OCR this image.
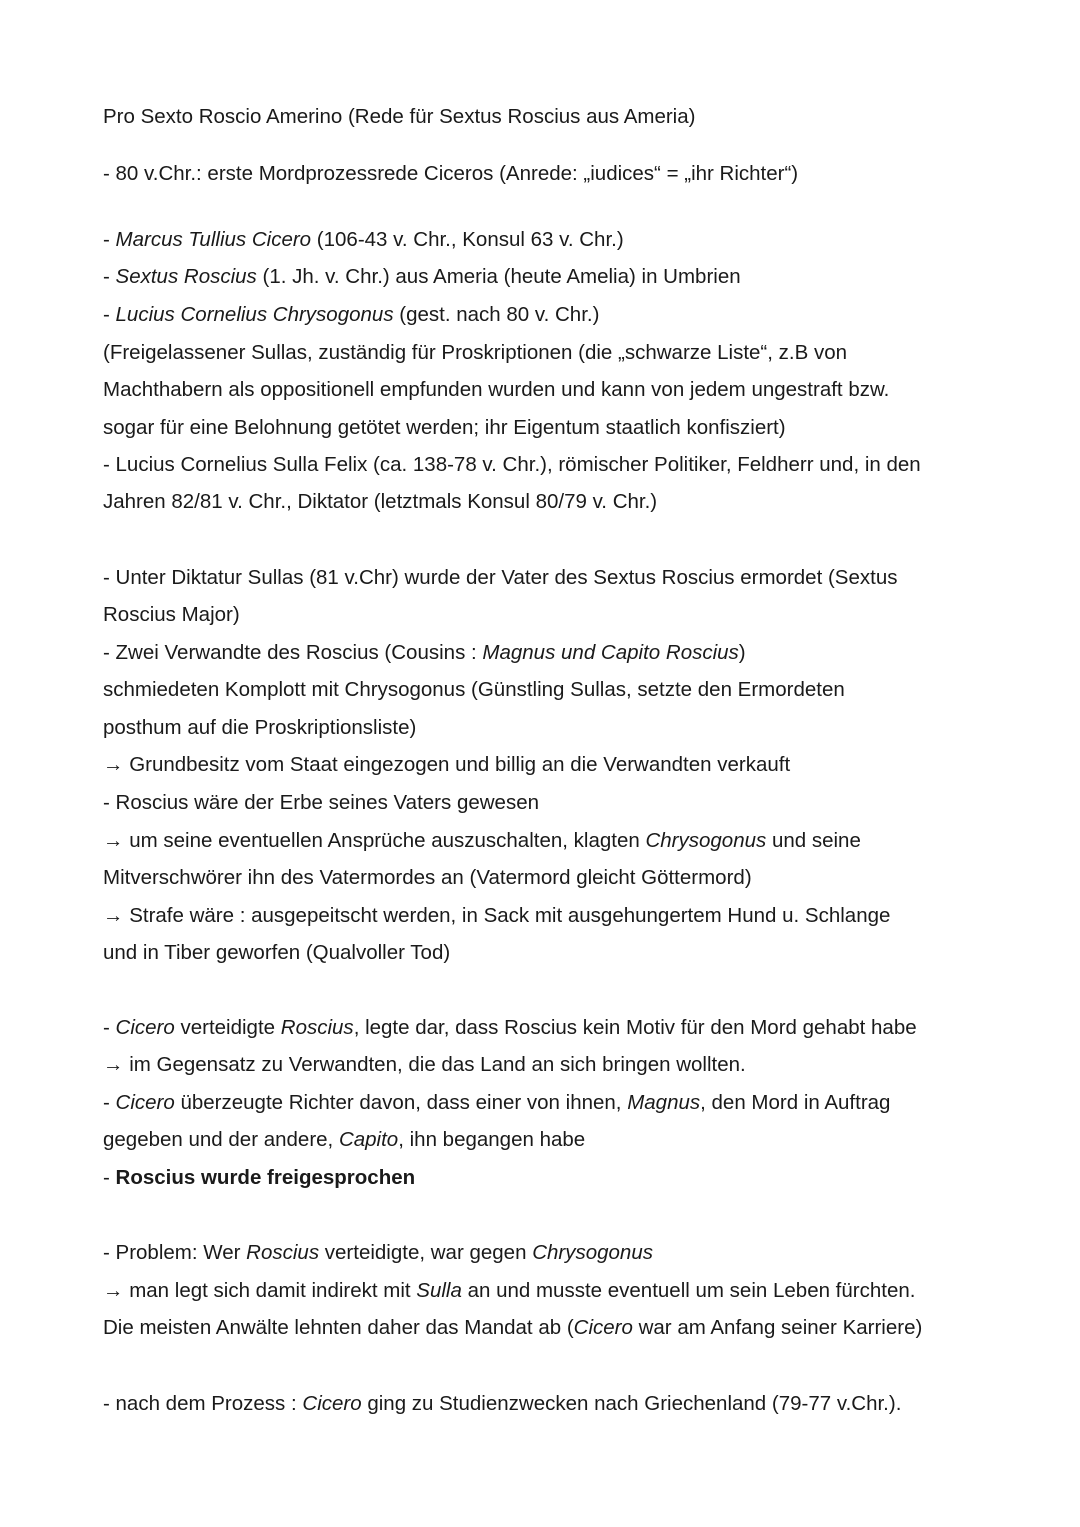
Pro Sexto Roscio Amerino (Rede für Sextus Roscius aus Ameria)

- 80 v.Chr.: erste Mordprozessrede Ciceros (Anrede: „iudices“ = „ihr Richter“)

- Marcus Tullius Cicero (106-43 v. Chr., Konsul 63 v. Chr.)

- Sextus Roscius (1. Jh. v. Chr.) aus Ameria (heute Amelia) in Umbrien

- Lucius Cornelius Chrysogonus (gest. nach 80 v. Chr.)

(Freigelassener Sullas, zuständig für Proskriptionen (die „schwarze Liste“, z.B von

Machthabern als oppositionell empfunden wurden und kann von jedem ungestraft bzw.

sogar für eine Belohnung getötet werden; ihr Eigentum staatlich konfisziert)

- Lucius Cornelius Sulla Felix (ca. 138-78 v. Chr.), römischer Politiker, Feldherr und, in den

Jahren 82/81 v. Chr., Diktator (letztmals Konsul 80/79 v. Chr.)

- Unter Diktatur Sullas (81 v.Chr) wurde der Vater des Sextus Roscius ermordet (Sextus

Roscius Major)

- Zwei Verwandte des Roscius (Cousins : Magnus und Capito Roscius)

schmiedeten Komplott mit Chrysogonus (Günstling Sullas, setzte den Ermordeten

posthum auf die Proskriptionsliste)

→ Grundbesitz vom Staat eingezogen und billig an die Verwandten verkauft

- Roscius wäre der Erbe seines Vaters gewesen

→ um seine eventuellen Ansprüche auszuschalten, klagten Chrysogonus und seine

Mitverschwörer ihn des Vatermordes an (Vatermord gleicht Göttermord)

→ Strafe wäre : ausgepeitscht werden, in Sack mit ausgehungertem Hund u. Schlange

und in Tiber geworfen (Qualvoller Tod)

- Cicero verteidigte Roscius, legte dar, dass Roscius kein Motiv für den Mord gehabt habe

→ im Gegensatz zu Verwandten, die das Land an sich bringen wollten.

- Cicero überzeugte Richter davon, dass einer von ihnen, Magnus, den Mord in Auftrag

gegeben und der andere, Capito, ihn begangen habe

- Roscius wurde freigesprochen

- Problem: Wer Roscius verteidigte, war gegen Chrysogonus

→ man legt sich damit indirekt mit Sulla an und musste eventuell um sein Leben fürchten.

Die meisten Anwälte lehnten daher das Mandat ab (Cicero war am Anfang seiner Karriere)

- nach dem Prozess : Cicero ging zu Studienzwecken nach Griechenland (79-77 v.Chr.).
